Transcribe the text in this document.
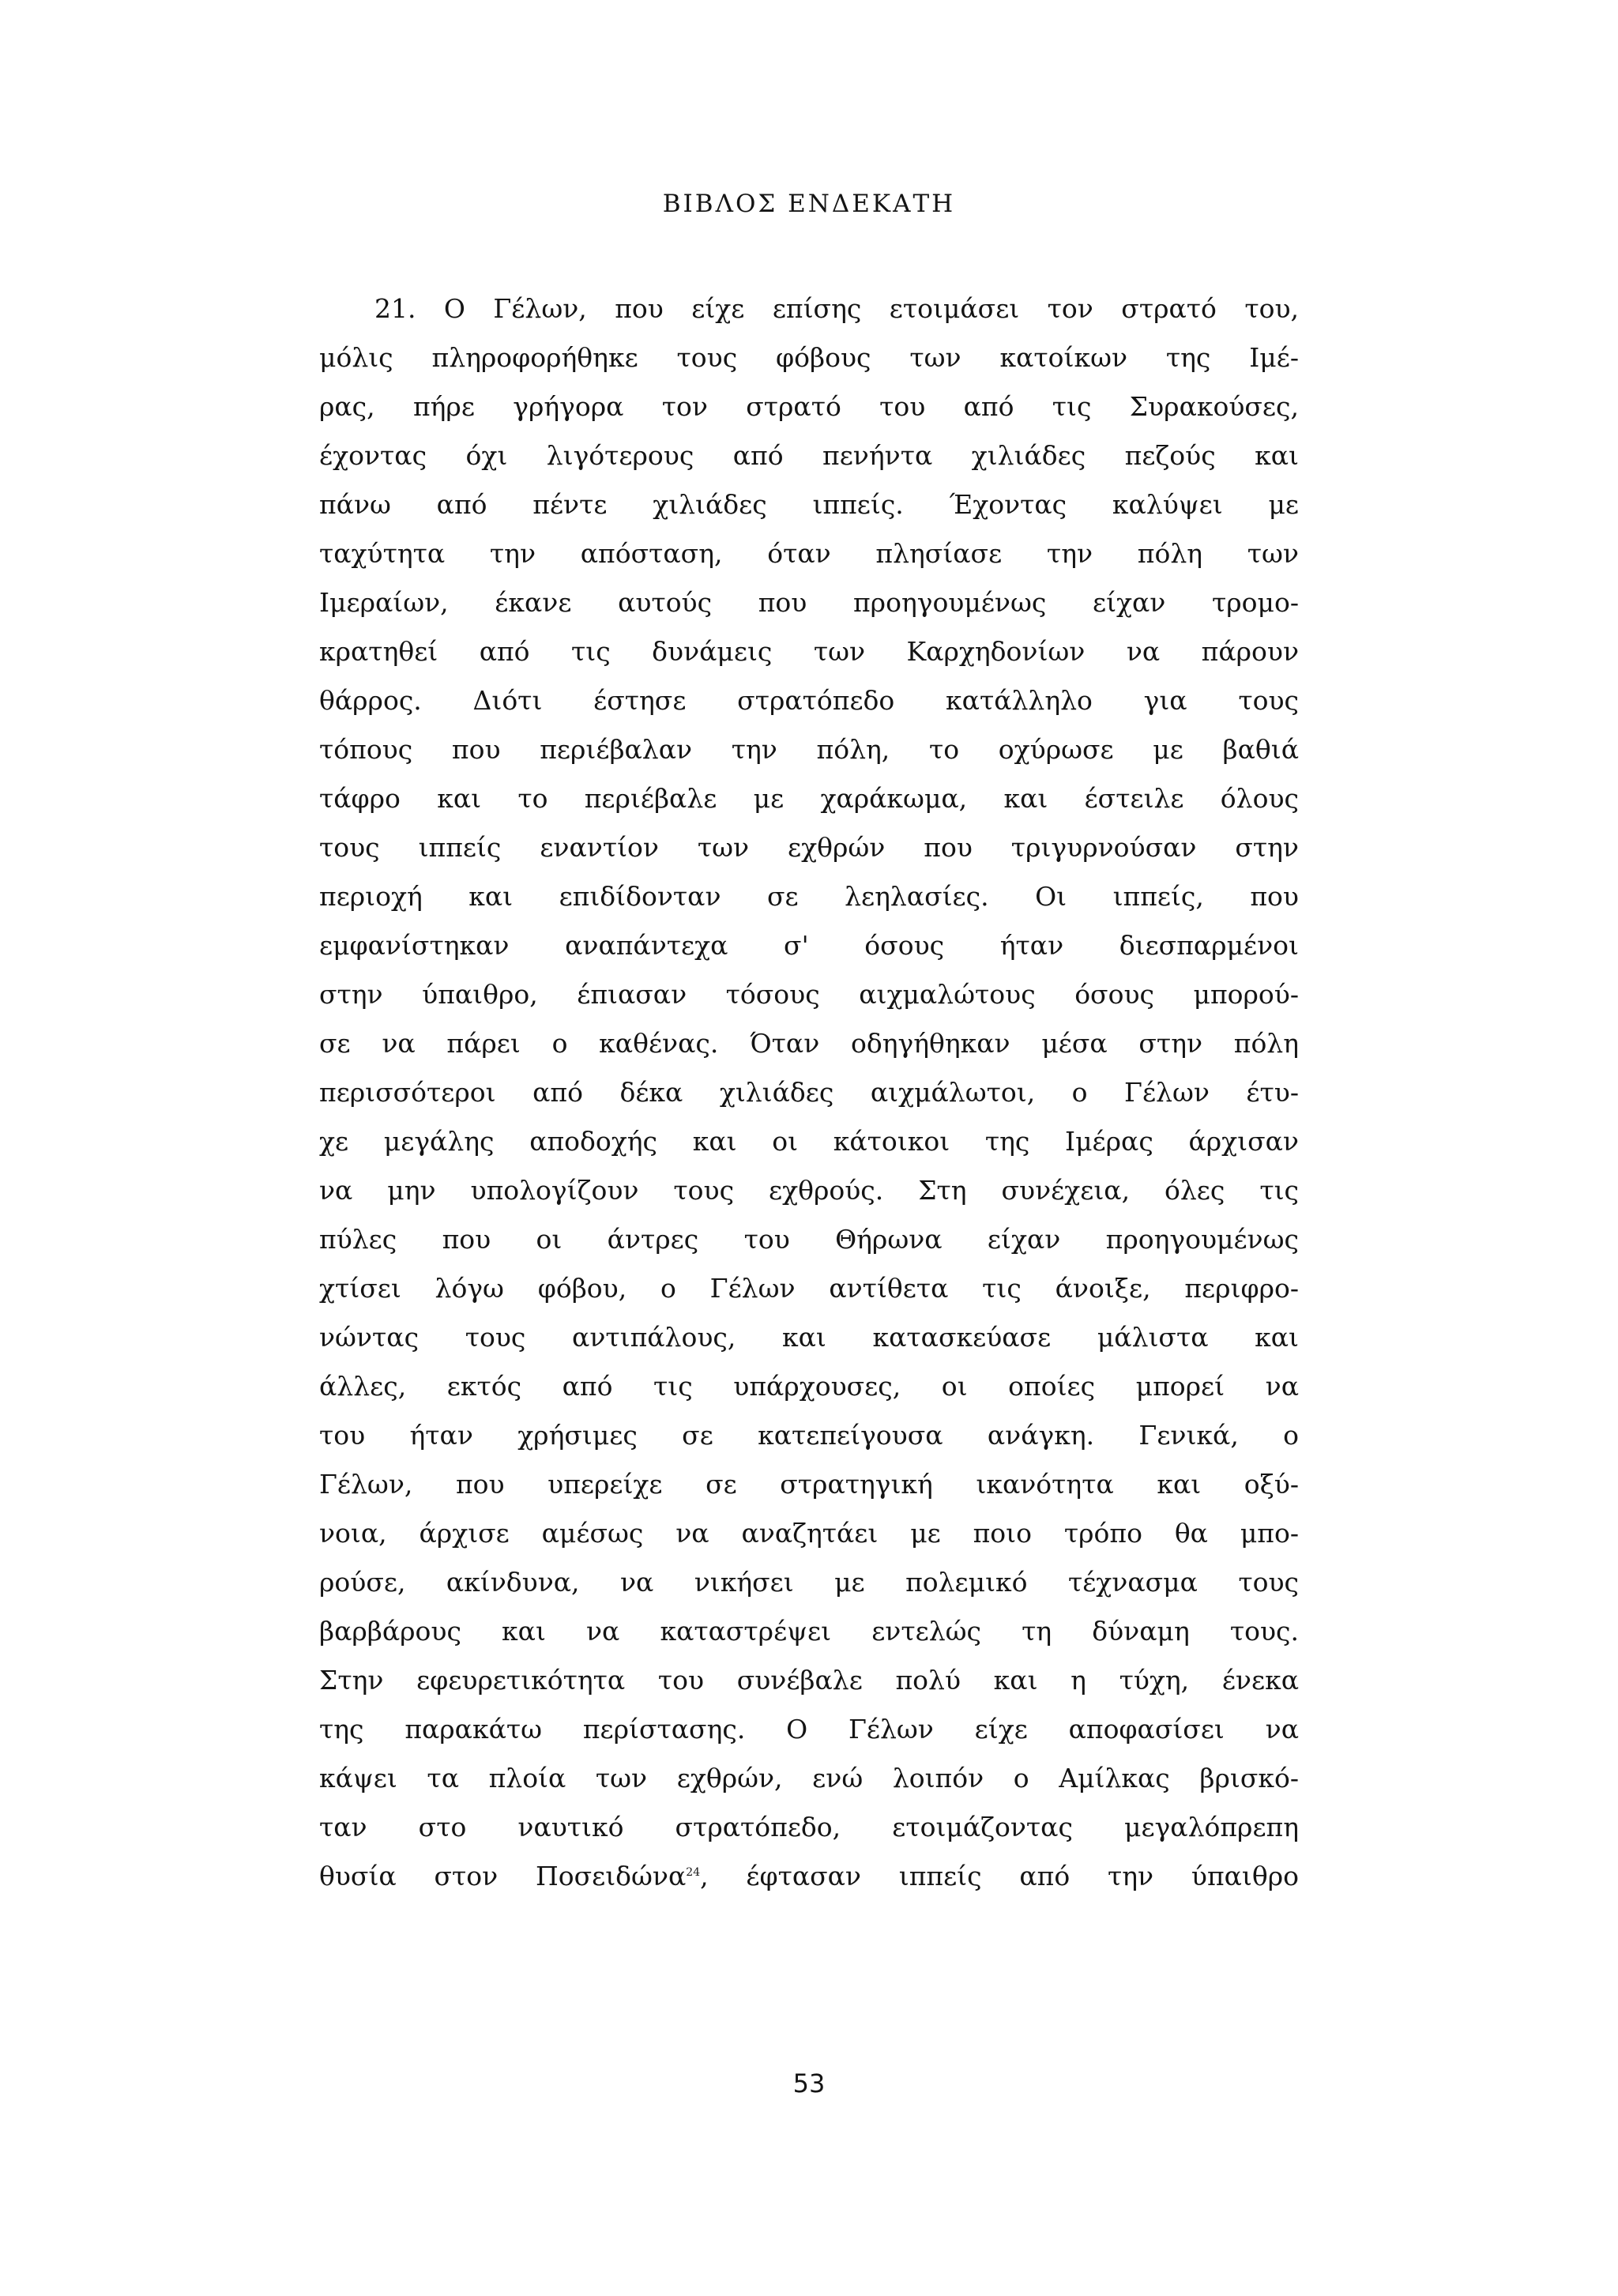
ΒΙΒΛΟΣ ΕΝΔΕΚΑΤΗ
21. Ο Γέλων, που είχε επίσης ετοιμάσει τον στρατό του,
μόλις πληροφορήθηκε τους φόβους των κατοίκων της Ιμέ-
ρας, πήρε γρήγορα τον στρατό του από τις Συρακούσες,
έχοντας όχι λιγότερους από πενήντα χιλιάδες πεζούς και
πάνω από πέντε χιλιάδες ιππείς. Έχοντας καλύψει με
ταχύτητα την απόσταση, όταν πλησίασε την πόλη των
Ιμεραίων, έκανε αυτούς που προηγουμένως είχαν τρομο-
κρατηθεί από τις δυνάμεις των Καρχηδονίων να πάρουν
θάρρος. Διότι έστησε στρατόπεδο κατάλληλο για τους
τόπους που περιέβαλαν την πόλη, το οχύρωσε με βαθιά
τάφρο και το περιέβαλε με χαράκωμα, και έστειλε όλους
τους ιππείς εναντίον των εχθρών που τριγυρνούσαν στην
περιοχή και επιδίδονταν σε λεηλασίες. Οι ιππείς, που
εμφανίστηκαν αναπάντεχα σ' όσους ήταν διεσπαρμένοι
στην ύπαιθρο, έπιασαν τόσους αιχμαλώτους όσους μπορού-
σε να πάρει ο καθένας. Όταν οδηγήθηκαν μέσα στην πόλη
περισσότεροι από δέκα χιλιάδες αιχμάλωτοι, ο Γέλων έτυ-
χε μεγάλης αποδοχής και οι κάτοικοι της Ιμέρας άρχισαν
να μην υπολογίζουν τους εχθρούς. Στη συνέχεια, όλες τις
πύλες που οι άντρες του Θήρωνα είχαν προηγουμένως
χτίσει λόγω φόβου, ο Γέλων αντίθετα τις άνοιξε, περιφρο-
νώντας τους αντιπάλους, και κατασκεύασε μάλιστα και
άλλες, εκτός από τις υπάρχουσες, οι οποίες μπορεί να
του ήταν χρήσιμες σε κατεπείγουσα ανάγκη. Γενικά, ο
Γέλων, που υπερείχε σε στρατηγική ικανότητα και οξύ-
νοια, άρχισε αμέσως να αναζητάει με ποιο τρόπο θα μπο-
ρούσε, ακίνδυνα, να νικήσει με πολεμικό τέχνασμα τους
βαρβάρους και να καταστρέψει εντελώς τη δύναμη τους.
Στην εφευρετικότητα του συνέβαλε πολύ και η τύχη, ένεκα
της παρακάτω περίστασης. Ο Γέλων είχε αποφασίσει να
κάψει τα πλοία των εχθρών, ενώ λοιπόν ο Αμίλκας βρισκό-
ταν στο ναυτικό στρατόπεδο, ετοιμάζοντας μεγαλόπρεπη
θυσία στον Ποσειδώνα$^{24}$, έφτασαν ιππείς από την ύπαιθρο
53
